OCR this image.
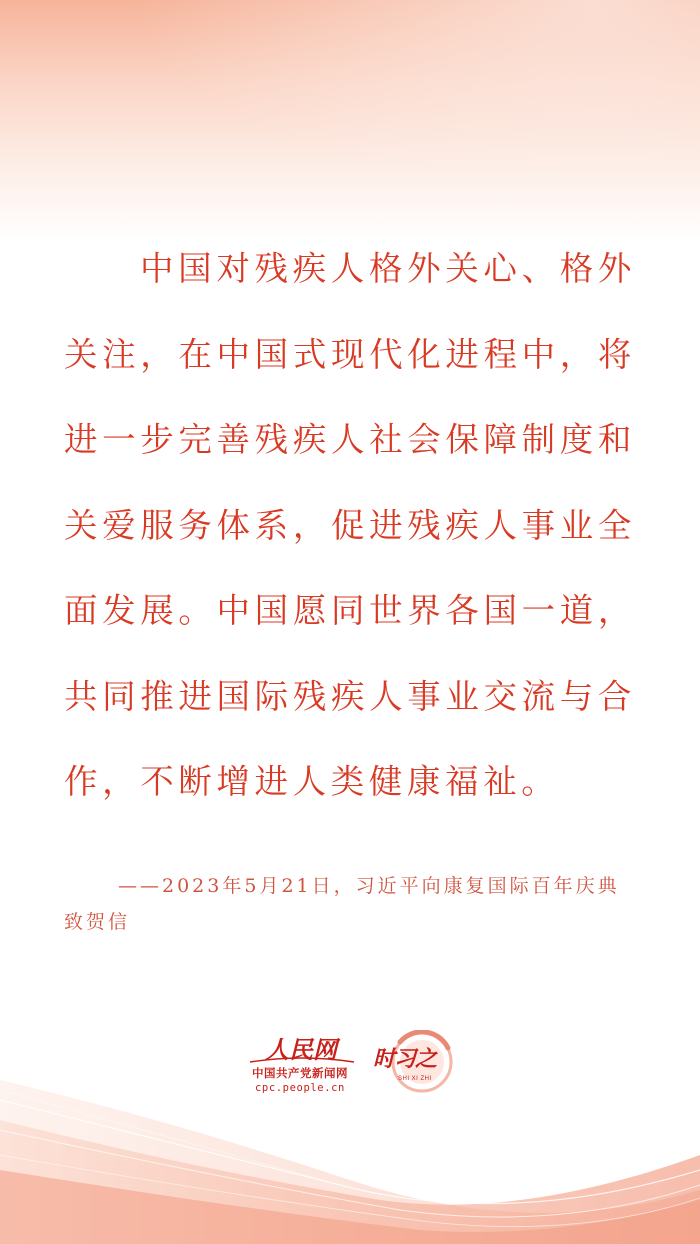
中国对残疾人格外关心、格外关注，在中国式现代化进程中，将进一步完善残疾人社会保障制度和关爱服务体系，促进残疾人事业全面发展。中国愿同世界各国一道，共同推进国际残疾人事业交流与合作，不断增进人类健康福祉。

——2023年5月21日，习近平向康复国际百年庆典致贺信

人民网
中国共产党新闻网
cpc.people.cn
时习之
SHI XI ZHI
